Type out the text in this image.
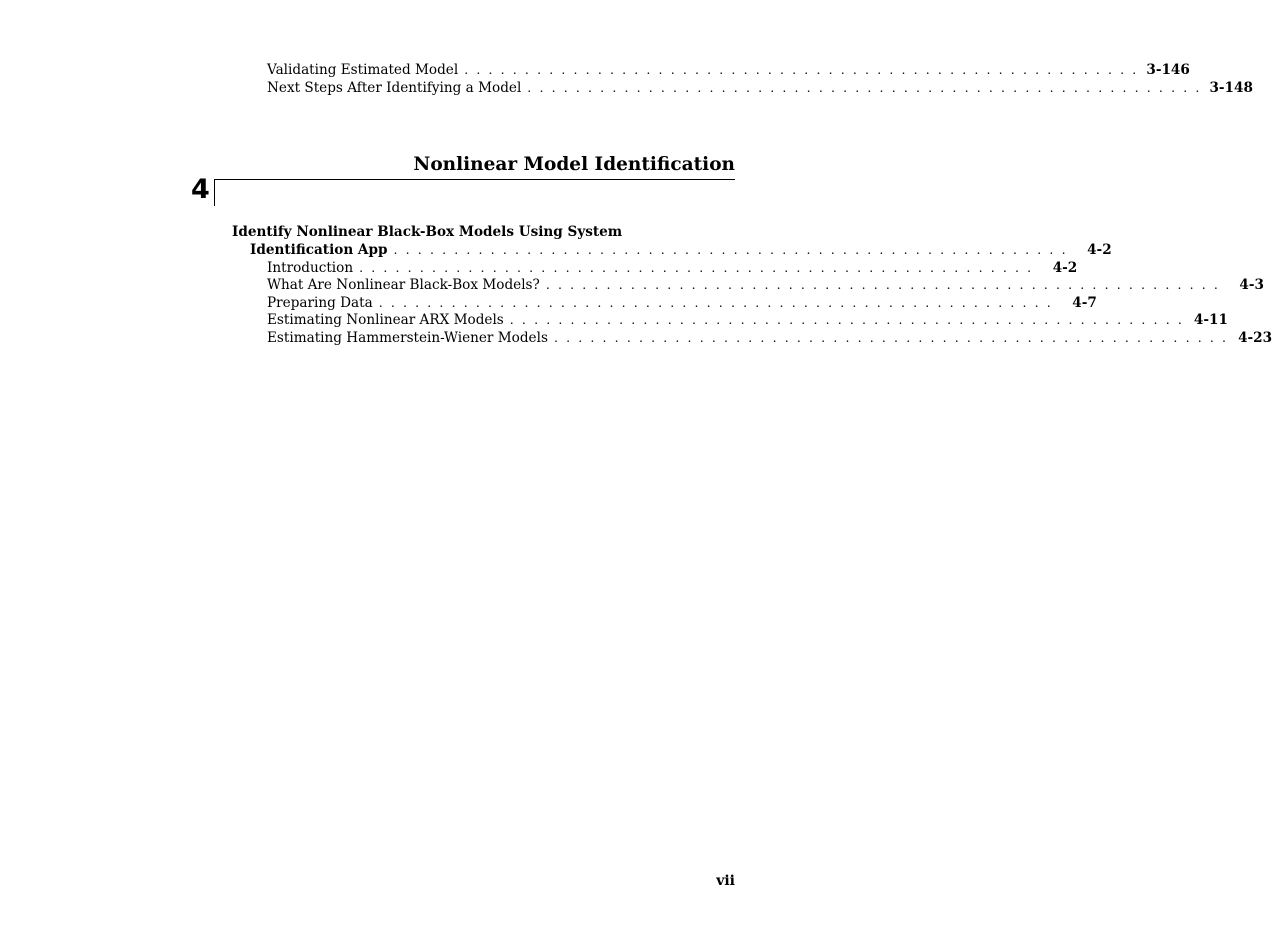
Validating Estimated Model . . . . . . . . . . . . . . . . . . . . . . . . . . . . . . . . . . . . . . . . . . . . . . . . . . . . . . . . 3-146
Next Steps After Identifying a Model . . . . . . . . . . . . . . . . . . . . . . . . . . . . . . . . . . . . . . . . . . . . . . . . . . . . . . . . 3-148
Nonlinear Model Identification
4
Identify Nonlinear Black-Box Models Using System
Identification App . . . . . . . . . . . . . . . . . . . . . . . . . . . . . . . . . . . . . . . . . . . . . . . . . . . . . . . .	4-2
Introduction . . . . . . . . . . . . . . . . . . . . . . . . . . . . . . . . . . . . . . . . . . . . . . . . . . . . . . . .	4-2
What Are Nonlinear Black-Box Models? . . . . . . . . . . . . . . . . . . . . . . . . . . . . . . . . . . . . . . . . . . . . . . . . . . . . . . . .	4-3
Preparing Data . . . . . . . . . . . . . . . . . . . . . . . . . . . . . . . . . . . . . . . . . . . . . . . . . . . . . . . .	4-7
Estimating Nonlinear ARX Models . . . . . . . . . . . . . . . . . . . . . . . . . . . . . . . . . . . . . . . . . . . . . . . . . . . . . . . . 4-11
Estimating Hammerstein-Wiener Models . . . . . . . . . . . . . . . . . . . . . . . . . . . . . . . . . . . . . . . . . . . . . . . . . . . . . . . . 4-23
vii
